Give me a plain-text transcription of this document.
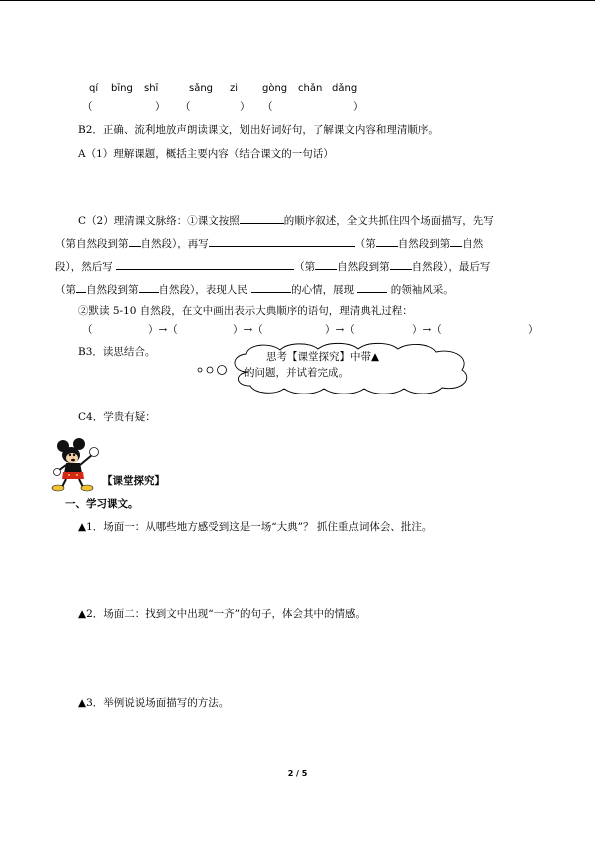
qí bīng shī	sǎng zi gòng chǎn dǎng
（	） （	） （	）
B2．正确、流利地放声朗读课文，划出好词好句，了解课文内容和理清顺序。
A（1）理解课题，概括主要内容（结合课文的一句话）
C（2）理清课文脉络：①课文按照	的顺序叙述，全文共抓住四个场面描写，先写
（第自然段到第 自然段），再写	（第 自然段到第 自然
段），然后写	（第 自然段到第 自然段），最后写
（第 自然段到第 自然段），表现人民	的心情，展现	的领袖风采。
②默读 5-10 自然段，在文中画出表示大典顺序的语句，理清典礼过程：
（	）→（	）→（	）→（	）→（	）
B3．读思结合。	思考【课堂探究】中带▲
的问题，并试着完成。
C4．学贵有疑：
【课堂探究】
一、学习课文。
▲1．场面一：从哪些地方感受到这是一场“大典”？ 抓住重点词体会、批注。
▲2．场面二：找到文中出现“一齐”的句子，体会其中的情感。
▲3．举例说说场面描写的方法。
2 / 5
